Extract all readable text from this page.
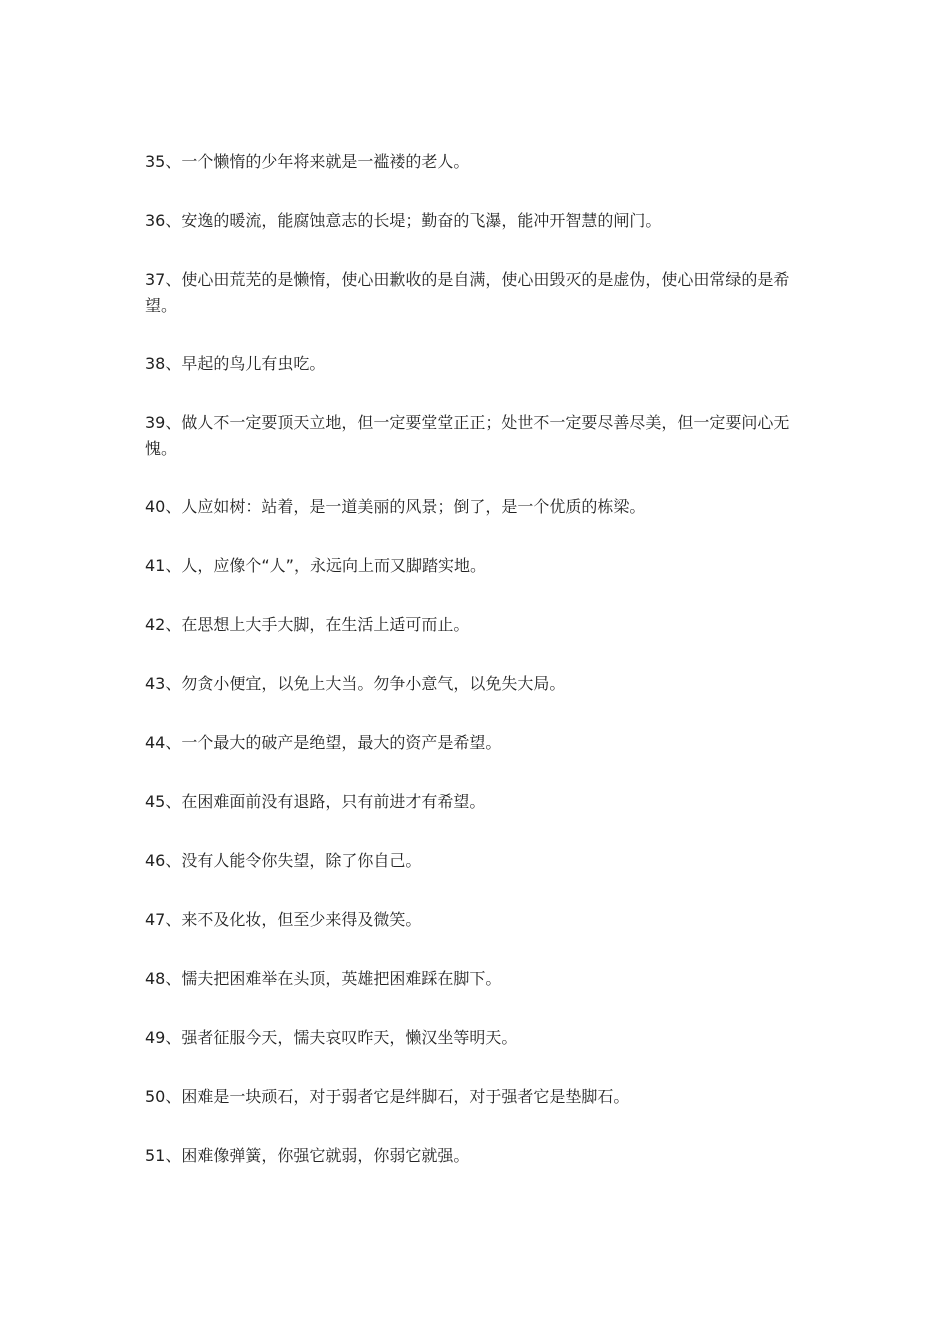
35、一个懒惰的少年将来就是一褴褛的老人。
36、安逸的暖流，能腐蚀意志的长堤；勤奋的飞瀑，能冲开智慧的闸门。
37、使心田荒芜的是懒惰，使心田歉收的是自满，使心田毁灭的是虚伪，使心田常绿的是希望。
38、早起的鸟儿有虫吃。
39、做人不一定要顶天立地，但一定要堂堂正正；处世不一定要尽善尽美，但一定要问心无愧。
40、人应如树：站着，是一道美丽的风景；倒了，是一个优质的栋梁。
41、人，应像个“人”，永远向上而又脚踏实地。
42、在思想上大手大脚，在生活上适可而止。
43、勿贪小便宜，以免上大当。勿争小意气，以免失大局。
44、一个最大的破产是绝望，最大的资产是希望。
45、在困难面前没有退路，只有前进才有希望。
46、没有人能令你失望，除了你自己。
47、来不及化妆，但至少来得及微笑。
48、懦夫把困难举在头顶，英雄把困难踩在脚下。
49、强者征服今天，懦夫哀叹昨天，懒汉坐等明天。
50、困难是一块顽石，对于弱者它是绊脚石，对于强者它是垫脚石。
51、困难像弹簧，你强它就弱，你弱它就强。
